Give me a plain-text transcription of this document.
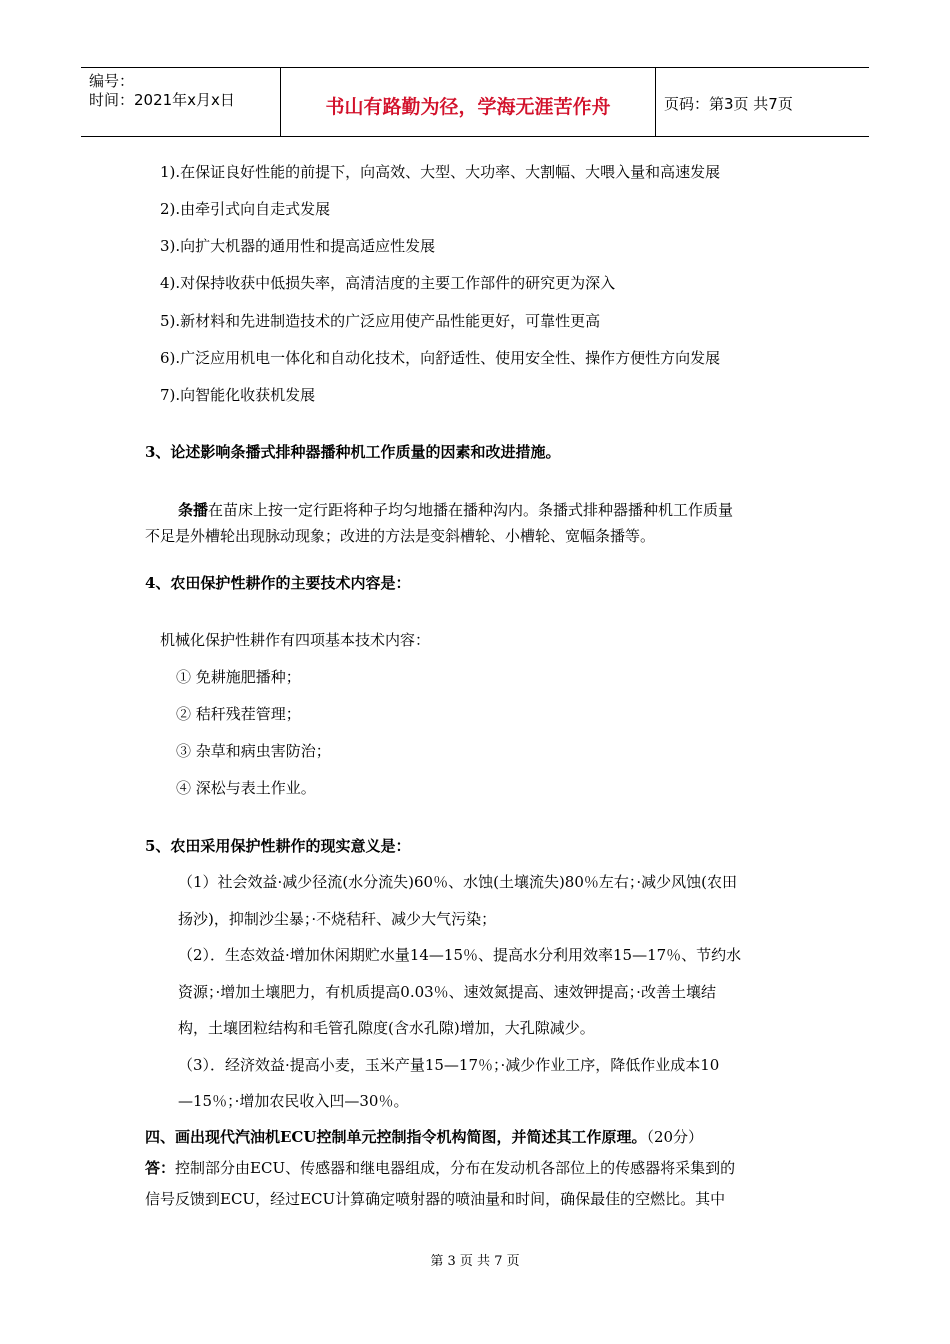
编号：
时间：2021年x月x日	书山有路勤为径，学海无涯苦作舟	页码：第3页 共7页
1).在保证良好性能的前提下，向高效、大型、大功率、大割幅、大喂入量和高速发展
2).由牵引式向自走式发展
3).向扩大机器的通用性和提高适应性发展
4).对保持收获中低损失率，高清洁度的主要工作部件的研究更为深入
5).新材料和先进制造技术的广泛应用使产品性能更好，可靠性更高
6).广泛应用机电一体化和自动化技术，向舒适性、使用安全性、操作方便性方向发展
7).向智能化收获机发展
3、论述影响条播式排种器播种机工作质量的因素和改进措施。
条播在苗床上按一定行距将种子均匀地播在播种沟内。条播式排种器播种机工作质量
不足是外槽轮出现脉动现象；改进的方法是变斜槽轮、小槽轮、宽幅条播等。
4、农田保护性耕作的主要技术内容是：
机械化保护性耕作有四项基本技术内容：
① 免耕施肥播种；
② 秸秆残茬管理；
③ 杂草和病虫害防治；
④ 深松与表土作业。
5、农田采用保护性耕作的现实意义是：
（1）社会效益·减少径流(水分流失)60％、水蚀(土壤流失)80％左右；·减少风蚀(农田
扬沙)，抑制沙尘暴；·不烧秸秆、减少大气污染；
（2）．生态效益·增加休闲期贮水量14—15％、提高水分利用效率15—17％、节约水
资源；·增加土壤肥力，有机质提高0.03％、速效氮提高、速效钾提高；·改善土壤结
构，土壤团粒结构和毛管孔隙度(含水孔隙)增加，大孔隙减少。
（3）．经济效益·提高小麦，玉米产量15—17％；·减少作业工序，降低作业成本10
—15％；·增加农民收入凹—30％。
四、画出现代汽油机ECU控制单元控制指令机构简图，并简述其工作原理。（20分）
答：控制部分由ECU、传感器和继电器组成，分布在发动机各部位上的传感器将采集到的
信号反馈到ECU，经过ECU计算确定喷射器的喷油量和时间，确保最佳的空燃比。其中
第 3 页 共 7 页
